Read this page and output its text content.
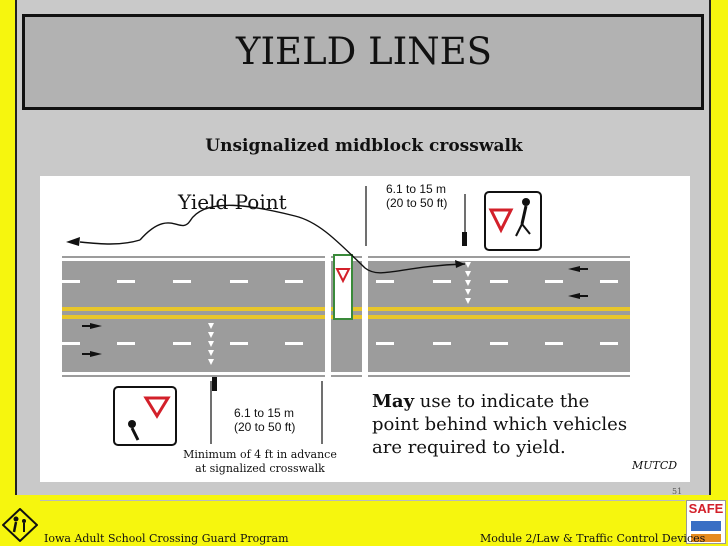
YIELD LINES
Unsignalized midblock crosswalk
Yield Point
6.1 to 15 m
(20 to 50 ft)
6.1 to 15 m
(20 to 50 ft)
Minimum of 4 ft in advance
at signalized crosswalk
May use to indicate the
point behind which vehicles
are required to yield.
MUTCD
51
SAFE
Iowa Adult School Crossing Guard Program	Module 2/Law & Traffic Control Devices
